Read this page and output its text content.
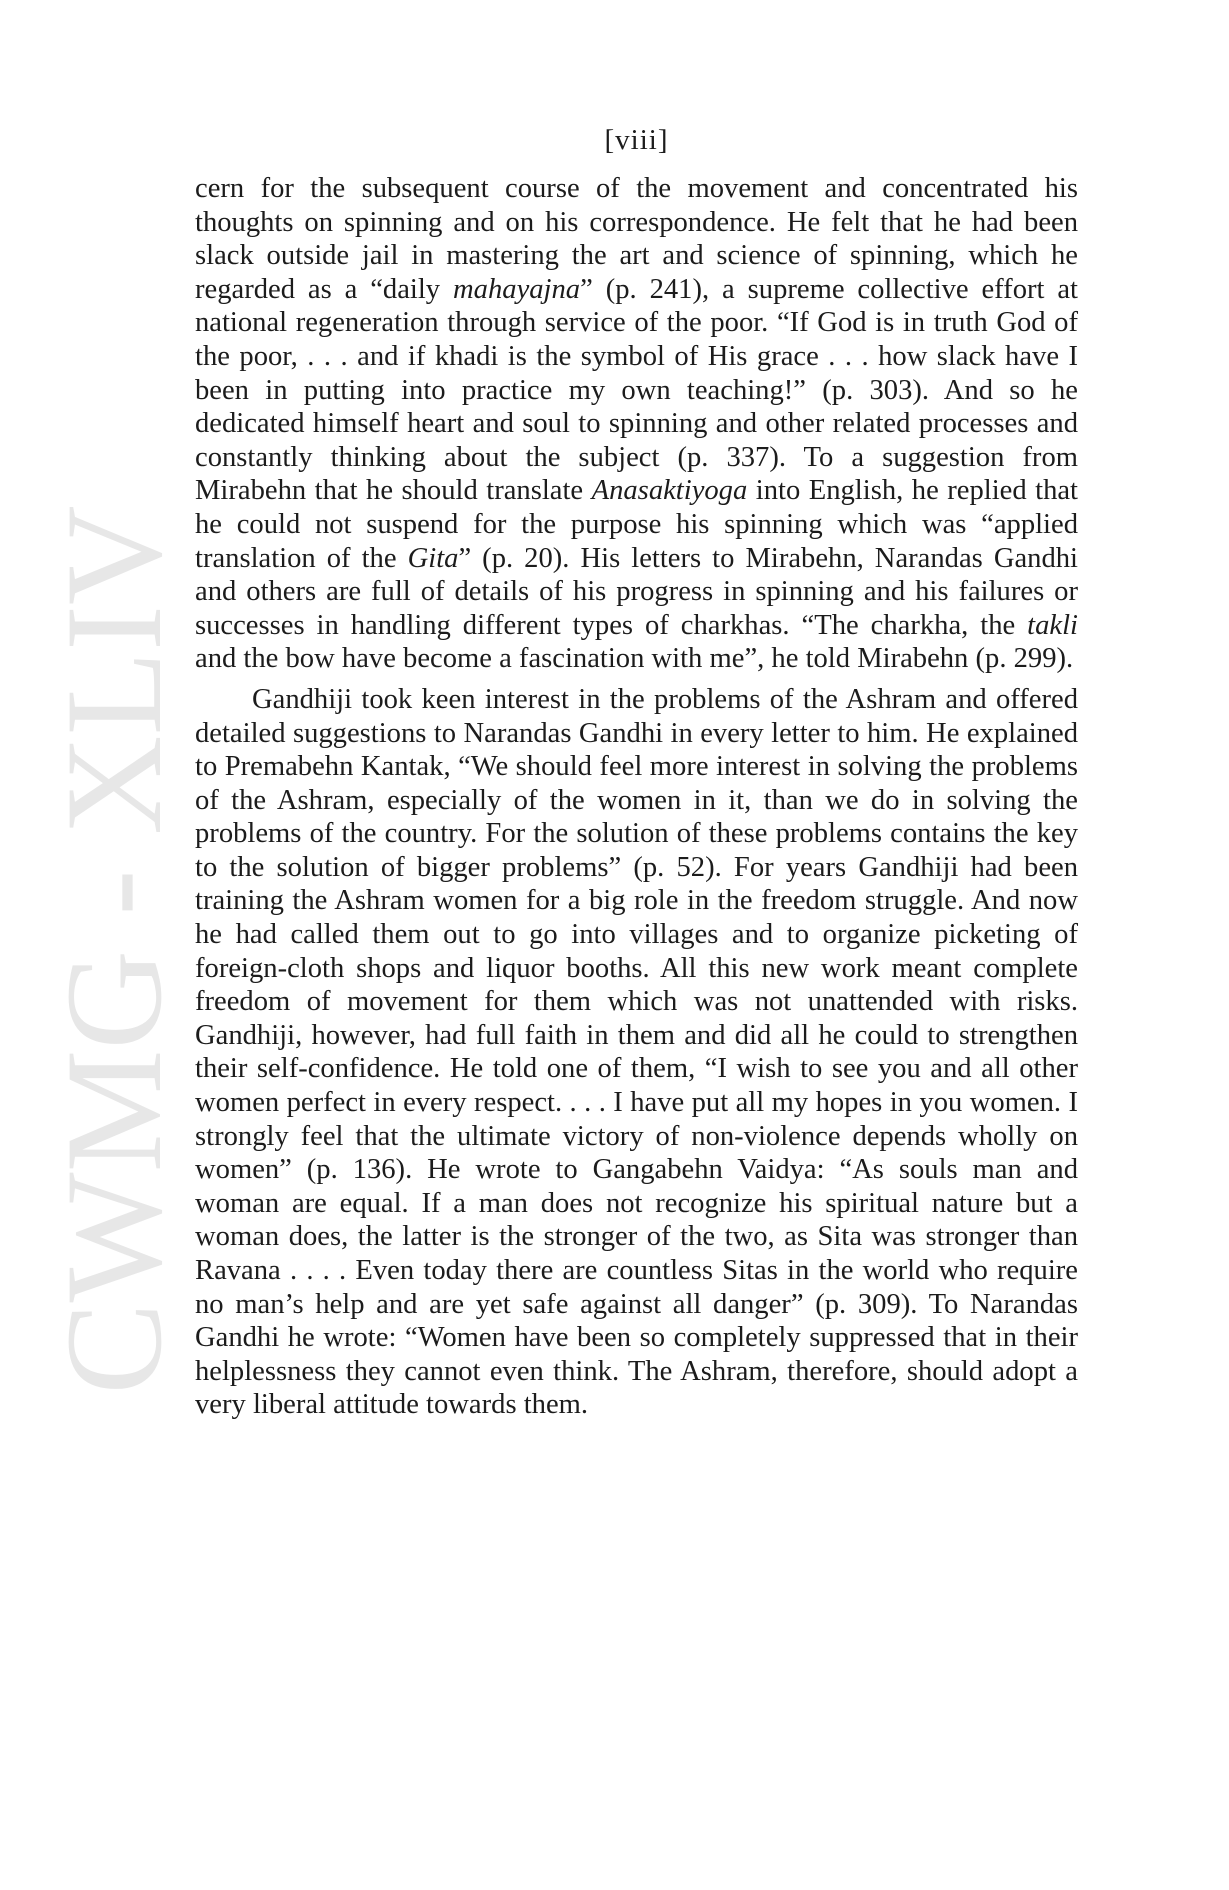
CWMG - XLIV
[viii]

cern for the subsequent course of the movement and concentrated his thoughts on spinning and on his correspondence. He felt that he had been slack outside jail in mastering the art and science of spinning, which he regarded as a “daily mahayajna” (p. 241), a supreme collective effort at national regeneration through service of the poor. “If God is in truth God of the poor, . . . and if khadi is the symbol of His grace . . . how slack have I been in putting into practice my own teaching!” (p. 303). And so he dedicated himself heart and soul to spinning and other related processes and constantly thinking about the subject (p. 337). To a suggestion from Mirabehn that he should translate Anasaktiyoga into English, he replied that he could not suspend for the purpose his spinning which was “applied translation of the Gita” (p. 20). His letters to Mirabehn, Narandas Gandhi and others are full of details of his progress in spinning and his failures or successes in handling different types of charkhas. “The charkha, the takli and the bow have become a fascination with me”, he told Mirabehn (p. 299).

Gandhiji took keen interest in the problems of the Ashram and offered detailed suggestions to Narandas Gandhi in every letter to him. He explained to Premabehn Kantak, “We should feel more interest in solving the problems of the Ashram, especially of the women in it, than we do in solving the problems of the country. For the solution of these problems contains the key to the solution of bigger problems” (p. 52). For years Gandhiji had been training the Ashram women for a big role in the freedom struggle. And now he had called them out to go into villages and to organize picketing of foreign-cloth shops and liquor booths. All this new work meant complete freedom of movement for them which was not unattended with risks. Gandhiji, however, had full faith in them and did all he could to strengthen their self-confidence. He told one of them, “I wish to see you and all other women perfect in every respect. . . . I have put all my hopes in you women. I strongly feel that the ultimate victory of non-violence depends wholly on women” (p. 136). He wrote to Gangabehn Vaidya: “As souls man and woman are equal. If a man does not recognize his spiritual nature but a woman does, the latter is the stronger of the two, as Sita was stronger than Ravana . . . . Even today there are countless Sitas in the world who require no man’s help and are yet safe against all danger” (p. 309). To Narandas Gandhi he wrote: “Women have been so completely suppressed that in their helplessness they cannot even think. The Ashram, therefore, should adopt a very liberal attitude towards them.
